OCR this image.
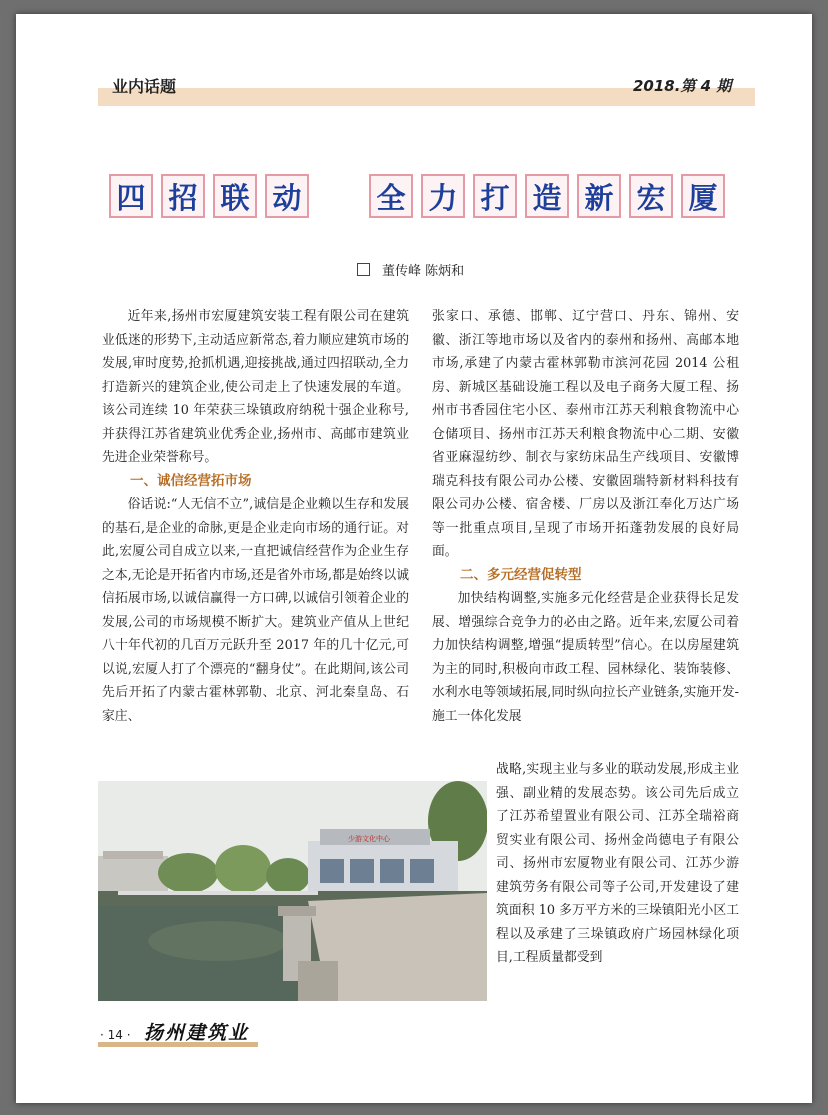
业内话题	2018.第 4 期
四 招 联 动	全 力 打 造 新 宏 厦
董传峰 陈炳和

近年来,扬州市宏厦建筑安装工程有限公司在建筑业低迷的形势下,主动适应新常态,着力顺应建筑市场的发展,审时度势,抢抓机遇,迎接挑战,通过四招联动,全力打造新兴的建筑企业,使公司走上了快速发展的车道。该公司连续 10 年荣获三垛镇政府纳税十强企业称号,并获得江苏省建筑业优秀企业,扬州市、高邮市建筑业先进企业荣誉称号。

一、诚信经营拓市场

俗话说:“人无信不立”,诚信是企业赖以生存和发展的基石,是企业的命脉,更是企业走向市场的通行证。对此,宏厦公司自成立以来,一直把诚信经营作为企业生存之本,无论是开拓省内市场,还是省外市场,都是始终以诚信拓展市场,以诚信赢得一方口碑,以诚信引领着企业的发展,公司的市场规模不断扩大。建筑业产值从上世纪八十年代初的几百万元跃升至 2017 年的几十亿元,可以说,宏厦人打了个漂亮的“翻身仗”。在此期间,该公司先后开拓了内蒙古霍林郭勒、北京、河北秦皇岛、石家庄、

张家口、承德、邯郸、辽宁营口、丹东、锦州、安徽、浙江等地市场以及省内的泰州和扬州、高邮本地市场,承建了内蒙古霍林郭勒市滨河花园 2014 公租房、新城区基础设施工程以及电子商务大厦工程、扬州市书香园住宅小区、泰州市江苏天利粮食物流中心仓储项目、扬州市江苏天利粮食物流中心二期、安徽省亚麻湿纺纱、制衣与家纺床品生产线项目、安徽博瑞克科技有限公司办公楼、安徽固瑞特新材料科技有限公司办公楼、宿舍楼、厂房以及浙江奉化万达广场等一批重点项目,呈现了市场开拓蓬勃发展的良好局面。

二、多元经营促转型

加快结构调整,实施多元化经营是企业获得长足发展、增强综合竞争力的必由之路。近年来,宏厦公司着力加快结构调整,增强“提质转型”信心。在以房屋建筑为主的同时,积极向市政工程、园林绿化、装饰装修、水利水电等领域拓展,同时纵向拉长产业链条,实施开发-施工一体化发展

战略,实现主业与多业的联动发展,形成主业强、副业精的发展态势。该公司先后成立了江苏希望置业有限公司、江苏全瑞裕商贸实业有限公司、扬州金尚德电子有限公司、扬州市宏厦物业有限公司、江苏少游建筑劳务有限公司等子公司,开发建设了建筑面积 10 多万平方米的三垛镇阳光小区工程以及承建了三垛镇政府广场园林绿化项目,工程质量都受到

少游文化中心
· 14 · 扬州建筑业
